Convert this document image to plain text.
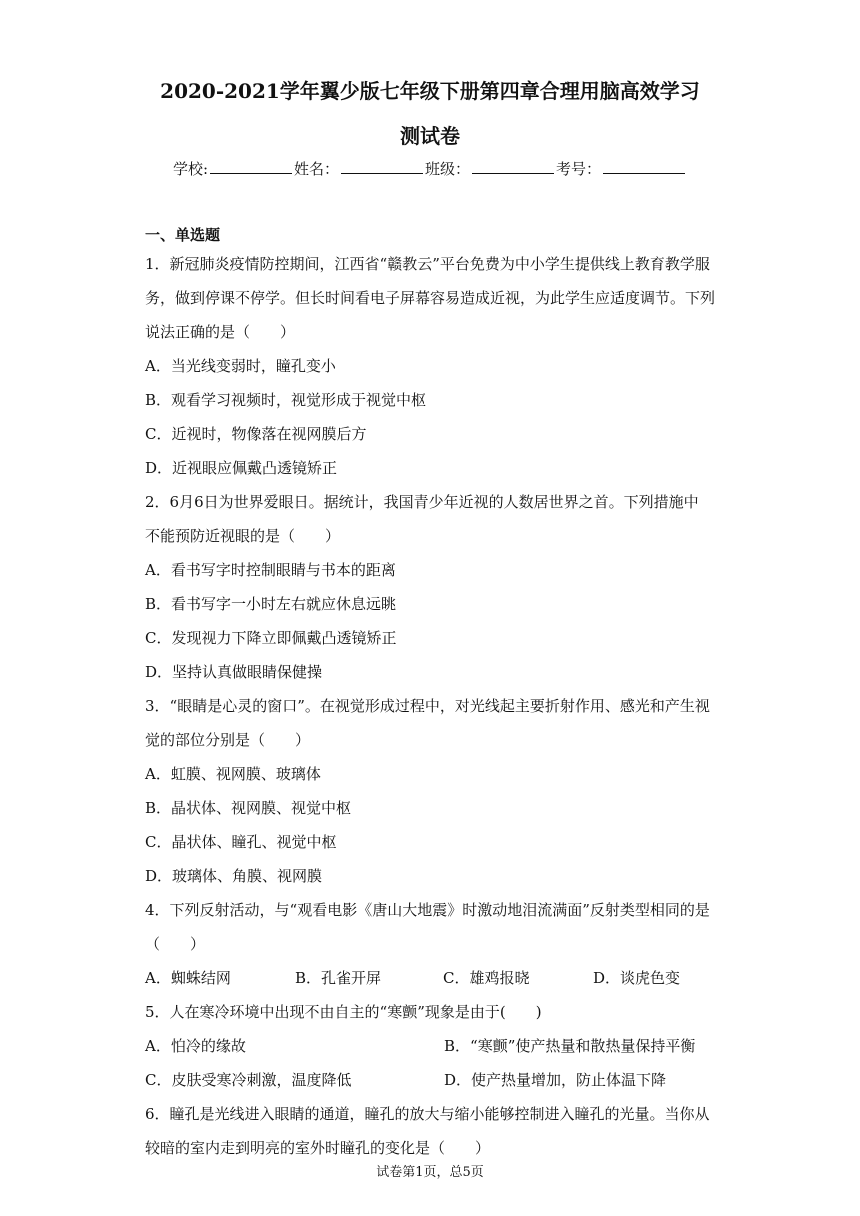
2020-2021学年翼少版七年级下册第四章合理用脑高效学习
测试卷
学校:	姓名：	班级：	考号：
一、单选题

1．新冠肺炎疫情防控期间，江西省“赣教云”平台免费为中小学生提供线上教育教学服

务，做到停课不停学。但长时间看电子屏幕容易造成近视，为此学生应适度调节。下列

说法正确的是（　　）

A．当光线变弱时，瞳孔变小

B．观看学习视频时，视觉形成于视觉中枢

C．近视时，物像落在视网膜后方

D．近视眼应佩戴凸透镜矫正

2．6月6日为世界爱眼日。据统计，我国青少年近视的人数居世界之首。下列措施中

不能预防近视眼的是（　　）

A．看书写字时控制眼睛与书本的距离

B．看书写字一小时左右就应休息远眺

C．发现视力下降立即佩戴凸透镜矫正

D．坚持认真做眼睛保健操

3．“眼睛是心灵的窗口”。在视觉形成过程中，对光线起主要折射作用、感光和产生视

觉的部位分别是（　　）

A．虹膜、视网膜、玻璃体

B．晶状体、视网膜、视觉中枢

C．晶状体、瞳孔、视觉中枢

D．玻璃体、角膜、视网膜

4．下列反射活动，与“观看电影《唐山大地震》时激动地泪流满面”反射类型相同的是

（　　）

A．蜘蛛结网	B．孔雀开屏	C．雄鸡报晓	D．谈虎色变

5．人在寒冷环境中出现不由自主的“寒颤”现象是由于(　　)

A．怕冷的缘故	B．“寒颤”使产热量和散热量保持平衡

C．皮肤受寒冷刺激，温度降低	D．使产热量增加，防止体温下降

6．瞳孔是光线进入眼睛的通道，瞳孔的放大与缩小能够控制进入瞳孔的光量。当你从

较暗的室内走到明亮的室外时瞳孔的变化是（　　）

试卷第1页，总5页
